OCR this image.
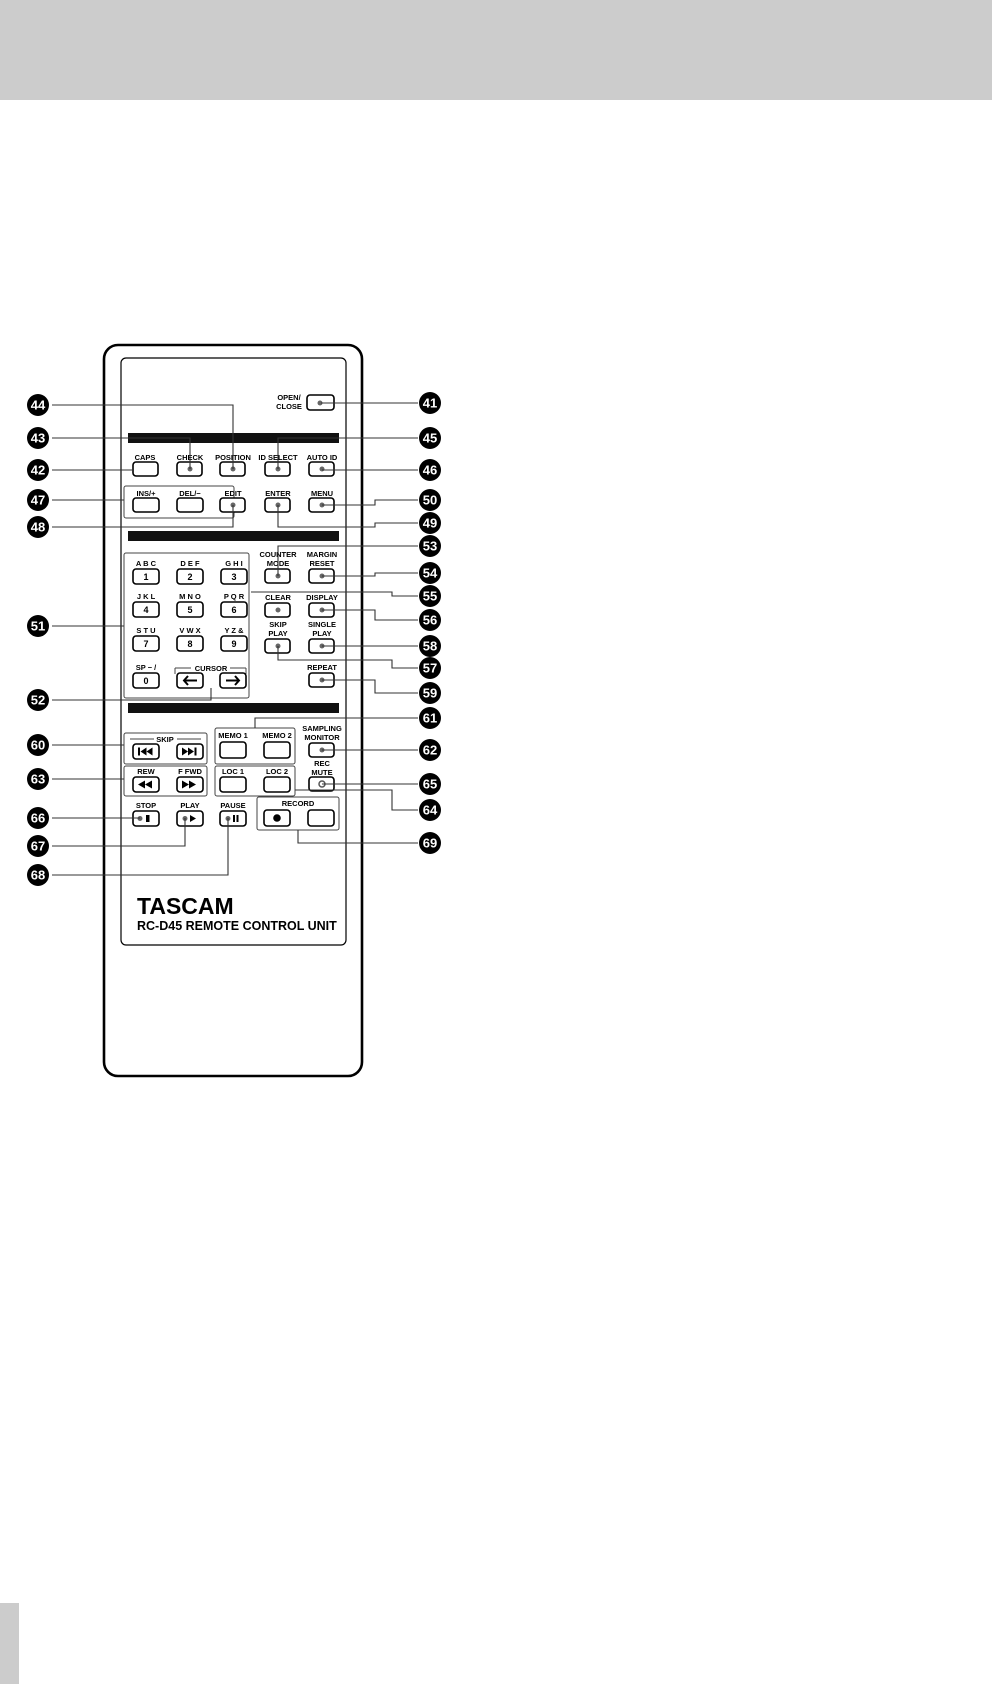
CURSOR
SKIP
RECORD
OPEN/
CLOSE
CAPS	CHECK POSITION ID SELECT AUTO ID
INS/+	DEL/−	EDIT	ENTER	MENU
A B C
1
D E F
2
G H I
3
J K L
4
M N O
5
P Q R
6
S T U
7
V W X
8
Y Z &
9
SP − /
0
COUNTER
MODE
MARGIN
RESET
CLEAR DISPLAY
SKIP
PLAY
SINGLE
PLAY
REPEAT
MEMO 1 MEMO 2
SAMPLING
MONITOR
REW	F FWD	LOC 1	LOC 2
REC
MUTE
STOP	PLAY	PAUSE
TASCAM
RC-D45 REMOTE CONTROL UNIT
41
42
43
44
45
46
47
48	49
50
51
52
53
54
55
56
57
58
59
60
61
62
63
64
65
66
67
68
69
